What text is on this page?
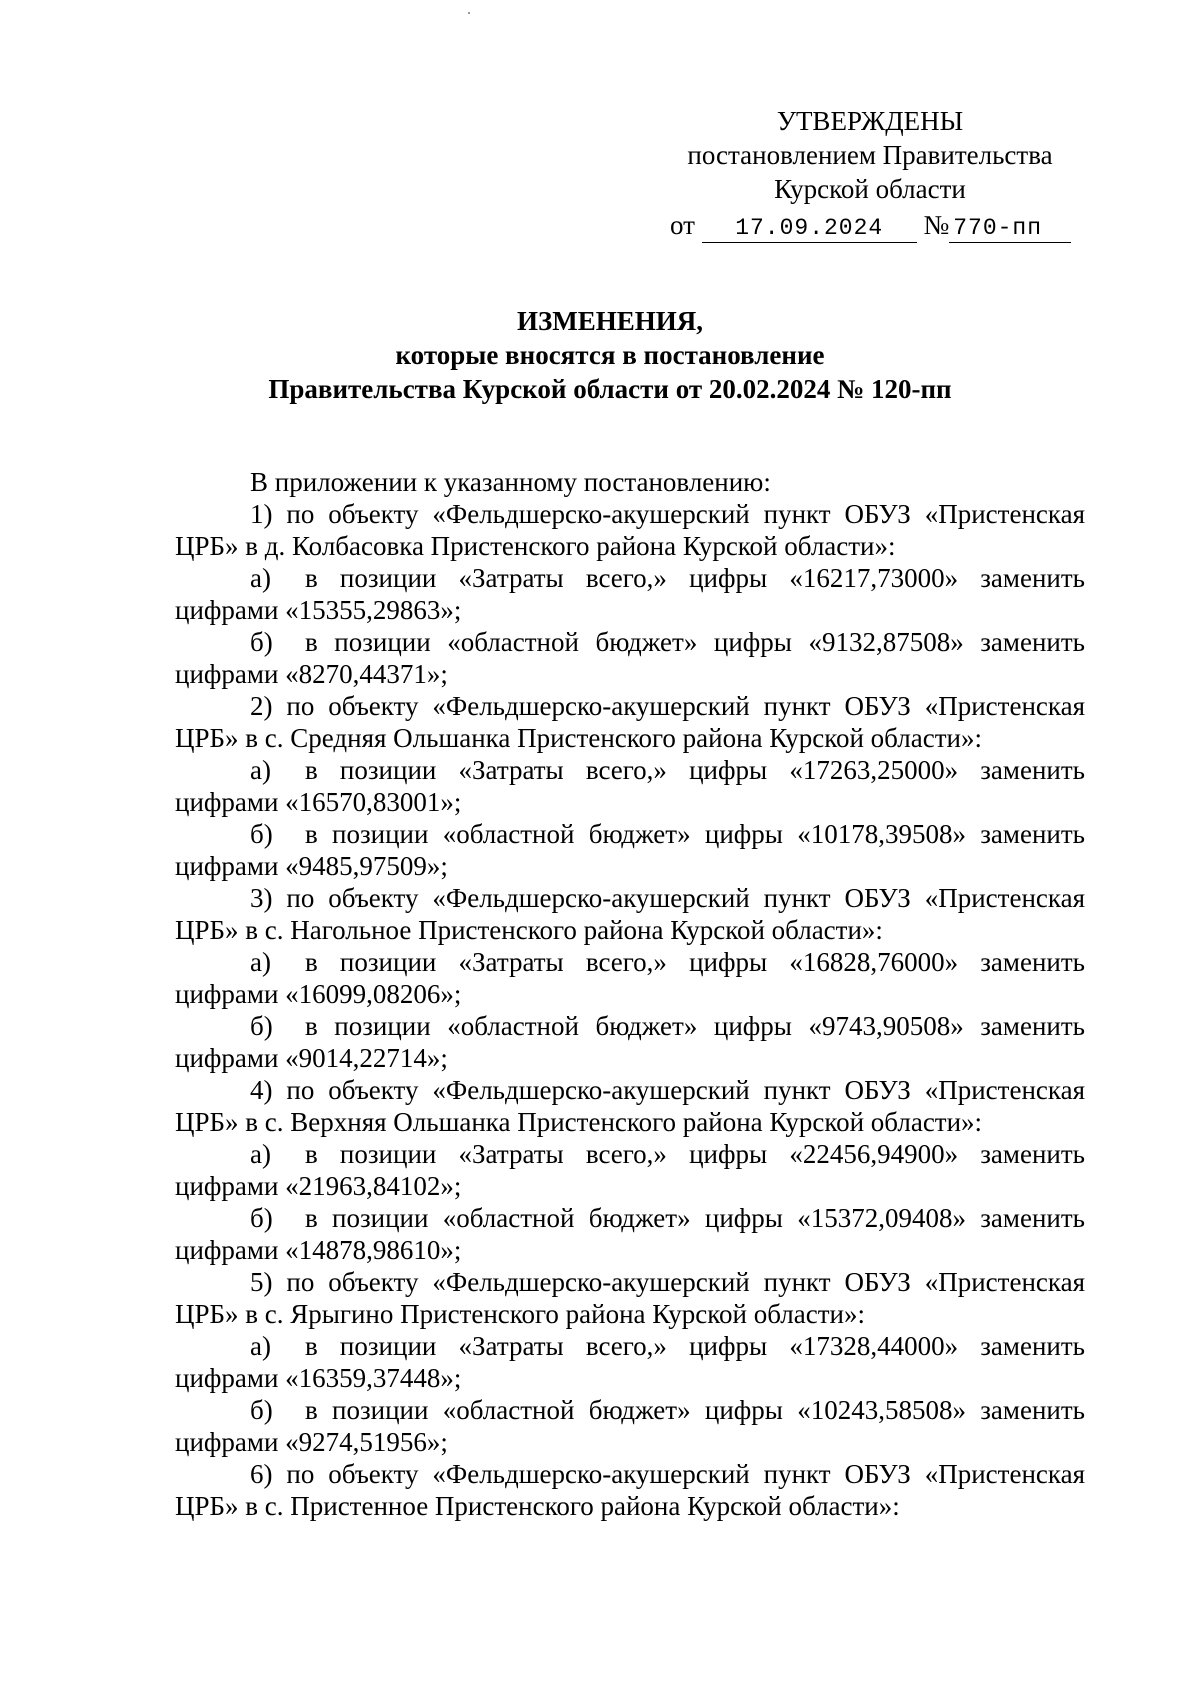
УТВЕРЖДЕНЫ
постановлением Правительства
Курской области
от 17.09.2024 № 770-пп
ИЗМЕНЕНИЯ,
которые вносятся в постановление
Правительства Курской области от 20.02.2024 № 120-пп

В приложении к указанному постановлению:

1) по объекту «Фельдшерско-акушерский пункт ОБУЗ «Пристенская ЦРБ» в д. Колбасовка Пристенского района Курской области»:

а) в позиции «Затраты всего,» цифры «16217,73000» заменить
цифрами «15355,29863»;
б) в позиции «областной бюджет» цифры «9132,87508» заменить
цифрами «8270,44371»;

2) по объекту «Фельдшерско-акушерский пункт ОБУЗ «Пристенская ЦРБ» в с. Средняя Ольшанка Пристенского района Курской области»:

а) в позиции «Затраты всего,» цифры «17263,25000» заменить
цифрами «16570,83001»;
б) в позиции «областной бюджет» цифры «10178,39508» заменить
цифрами «9485,97509»;

3) по объекту «Фельдшерско-акушерский пункт ОБУЗ «Пристенская ЦРБ» в с. Нагольное Пристенского района Курской области»:

а) в позиции «Затраты всего,» цифры «16828,76000» заменить
цифрами «16099,08206»;
б) в позиции «областной бюджет» цифры «9743,90508» заменить
цифрами «9014,22714»;

4) по объекту «Фельдшерско-акушерский пункт ОБУЗ «Пристенская ЦРБ» в с. Верхняя Ольшанка Пристенского района Курской области»:

а) в позиции «Затраты всего,» цифры «22456,94900» заменить
цифрами «21963,84102»;
б) в позиции «областной бюджет» цифры «15372,09408» заменить
цифрами «14878,98610»;

5) по объекту «Фельдшерско-акушерский пункт ОБУЗ «Пристенская ЦРБ» в с. Ярыгино Пристенского района Курской области»:

а) в позиции «Затраты всего,» цифры «17328,44000» заменить
цифрами «16359,37448»;
б) в позиции «областной бюджет» цифры «10243,58508» заменить
цифрами «9274,51956»;

6) по объекту «Фельдшерско-акушерский пункт ОБУЗ «Пристенская ЦРБ» в с. Пристенное Пристенского района Курской области»:
